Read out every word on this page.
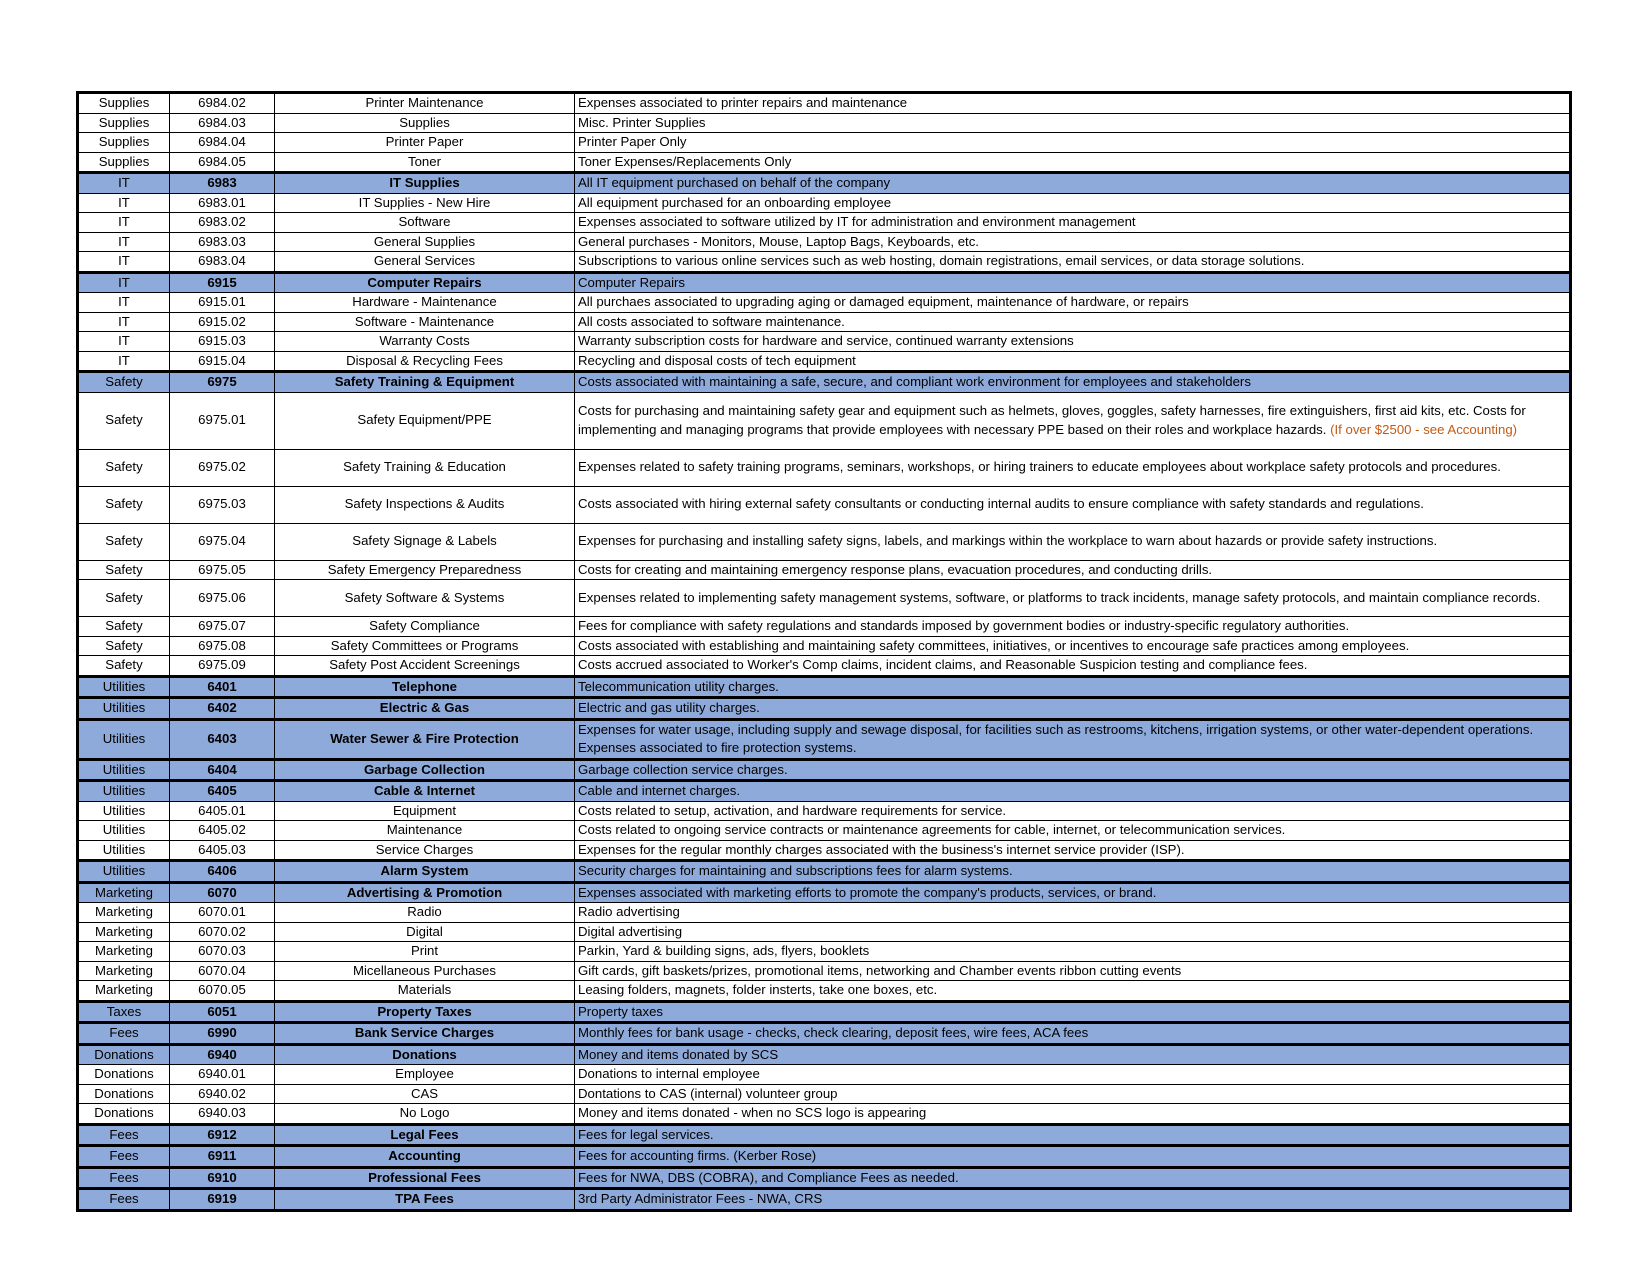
Supplies	6984.02	Printer Maintenance	Expenses associated to printer repairs and maintenance
Supplies	6984.03	Supplies	Misc. Printer Supplies
Supplies	6984.04	Printer Paper	Printer Paper Only
Supplies	6984.05	Toner	Toner Expenses/Replacements Only
IT	6983	IT Supplies	All IT equipment purchased on behalf of the company
IT	6983.01	IT Supplies - New Hire	All equipment purchased for an onboarding employee
IT	6983.02	Software	Expenses associated to software utilized by IT for administration and environment management
IT	6983.03	General Supplies	General purchases - Monitors, Mouse, Laptop Bags, Keyboards, etc.
IT	6983.04	General Services	Subscriptions to various online services such as web hosting, domain registrations, email services, or data storage solutions.
IT	6915	Computer Repairs	Computer Repairs
IT	6915.01	Hardware - Maintenance	All purchaes associated to upgrading aging or damaged equipment, maintenance of hardware, or repairs
IT	6915.02	Software - Maintenance	All costs associated to software maintenance.
IT	6915.03	Warranty Costs	Warranty subscription costs for hardware and service, continued warranty extensions
IT	6915.04	Disposal & Recycling Fees	Recycling and disposal costs of tech equipment
Safety	6975	Safety Training & Equipment	Costs associated with maintaining a safe, secure, and compliant work environment for employees and stakeholders
Safety	6975.01	Safety Equipment/PPE	Costs for purchasing and maintaining safety gear and equipment such as helmets, gloves, goggles, safety harnesses, fire extinguishers, first aid kits, etc. Costs for implementing and managing programs that provide employees with necessary PPE based on their roles and workplace hazards. (If over $2500 - see Accounting)
Safety	6975.02	Safety Training & Education	Expenses related to safety training programs, seminars, workshops, or hiring trainers to educate employees about workplace safety protocols and procedures.
Safety	6975.03	Safety Inspections & Audits	Costs associated with hiring external safety consultants or conducting internal audits to ensure compliance with safety standards and regulations.
Safety	6975.04	Safety Signage & Labels	Expenses for purchasing and installing safety signs, labels, and markings within the workplace to warn about hazards or provide safety instructions.
Safety	6975.05	Safety Emergency Preparedness	Costs for creating and maintaining emergency response plans, evacuation procedures, and conducting drills.
Safety	6975.06	Safety Software & Systems	Expenses related to implementing safety management systems, software, or platforms to track incidents, manage safety protocols, and maintain compliance records.
Safety	6975.07	Safety Compliance	Fees for compliance with safety regulations and standards imposed by government bodies or industry-specific regulatory authorities.
Safety	6975.08	Safety Committees or Programs	Costs associated with establishing and maintaining safety committees, initiatives, or incentives to encourage safe practices among employees.
Safety	6975.09	Safety Post Accident Screenings	Costs accrued associated to Worker's Comp claims, incident claims, and Reasonable Suspicion testing and compliance fees.
Utilities	6401	Telephone	Telecommunication utility charges.
Utilities	6402	Electric & Gas	Electric and gas utility charges.
Utilities	6403	Water Sewer & Fire Protection	Expenses for water usage, including supply and sewage disposal, for facilities such as restrooms, kitchens, irrigation systems, or other water-dependent operations. Expenses associated to fire protection systems.
Utilities	6404	Garbage Collection	Garbage collection service charges.
Utilities	6405	Cable & Internet	Cable and internet charges.
Utilities	6405.01	Equipment	Costs related to setup, activation, and hardware requirements for service.
Utilities	6405.02	Maintenance	Costs related to ongoing service contracts or maintenance agreements for cable, internet, or telecommunication services.
Utilities	6405.03	Service Charges	Expenses for the regular monthly charges associated with the business's internet service provider (ISP).
Utilities	6406	Alarm System	Security charges for maintaining and subscriptions fees for alarm systems.
Marketing	6070	Advertising & Promotion	Expenses associated with marketing efforts to promote the company's products, services, or brand.
Marketing	6070.01	Radio	Radio advertising
Marketing	6070.02	Digital	Digital advertising
Marketing	6070.03	Print	Parkin, Yard & building signs, ads, flyers, booklets
Marketing	6070.04	Micellaneous Purchases	Gift cards, gift baskets/prizes, promotional items, networking and Chamber events ribbon cutting events
Marketing	6070.05	Materials	Leasing folders, magnets, folder insterts, take one boxes, etc.
Taxes	6051	Property Taxes	Property taxes
Fees	6990	Bank Service Charges	Monthly fees for bank usage - checks, check clearing, deposit fees, wire fees, ACA fees
Donations	6940	Donations	Money and items donated by SCS
Donations	6940.01	Employee	Donations to internal employee
Donations	6940.02	CAS	Dontations to CAS (internal) volunteer group
Donations	6940.03	No Logo	Money and items donated - when no SCS logo is appearing
Fees	6912	Legal Fees	Fees for legal services.
Fees	6911	Accounting	Fees for accounting firms. (Kerber Rose)
Fees	6910	Professional Fees	Fees for NWA, DBS (COBRA), and Compliance Fees as needed.
Fees	6919	TPA Fees	3rd Party Administrator Fees - NWA, CRS
